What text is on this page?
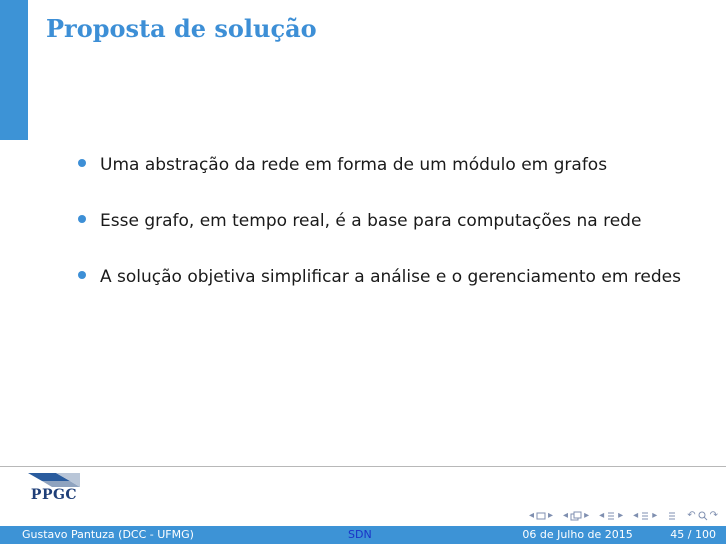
Proposta de solução
Uma abstração da rede em forma de um módulo em grafos
Esse grafo, em tempo real, é a base para computações na rede
A solução objetiva simplificar a análise e o gerenciamento em redes
PPGC
◂ ▸ ◂ ▸ ◂ ▸ ◂ ▸	↶ ↷
Gustavo Pantuza (DCC - UFMG)	SDN	06 de Julho de 2015	45 / 100
